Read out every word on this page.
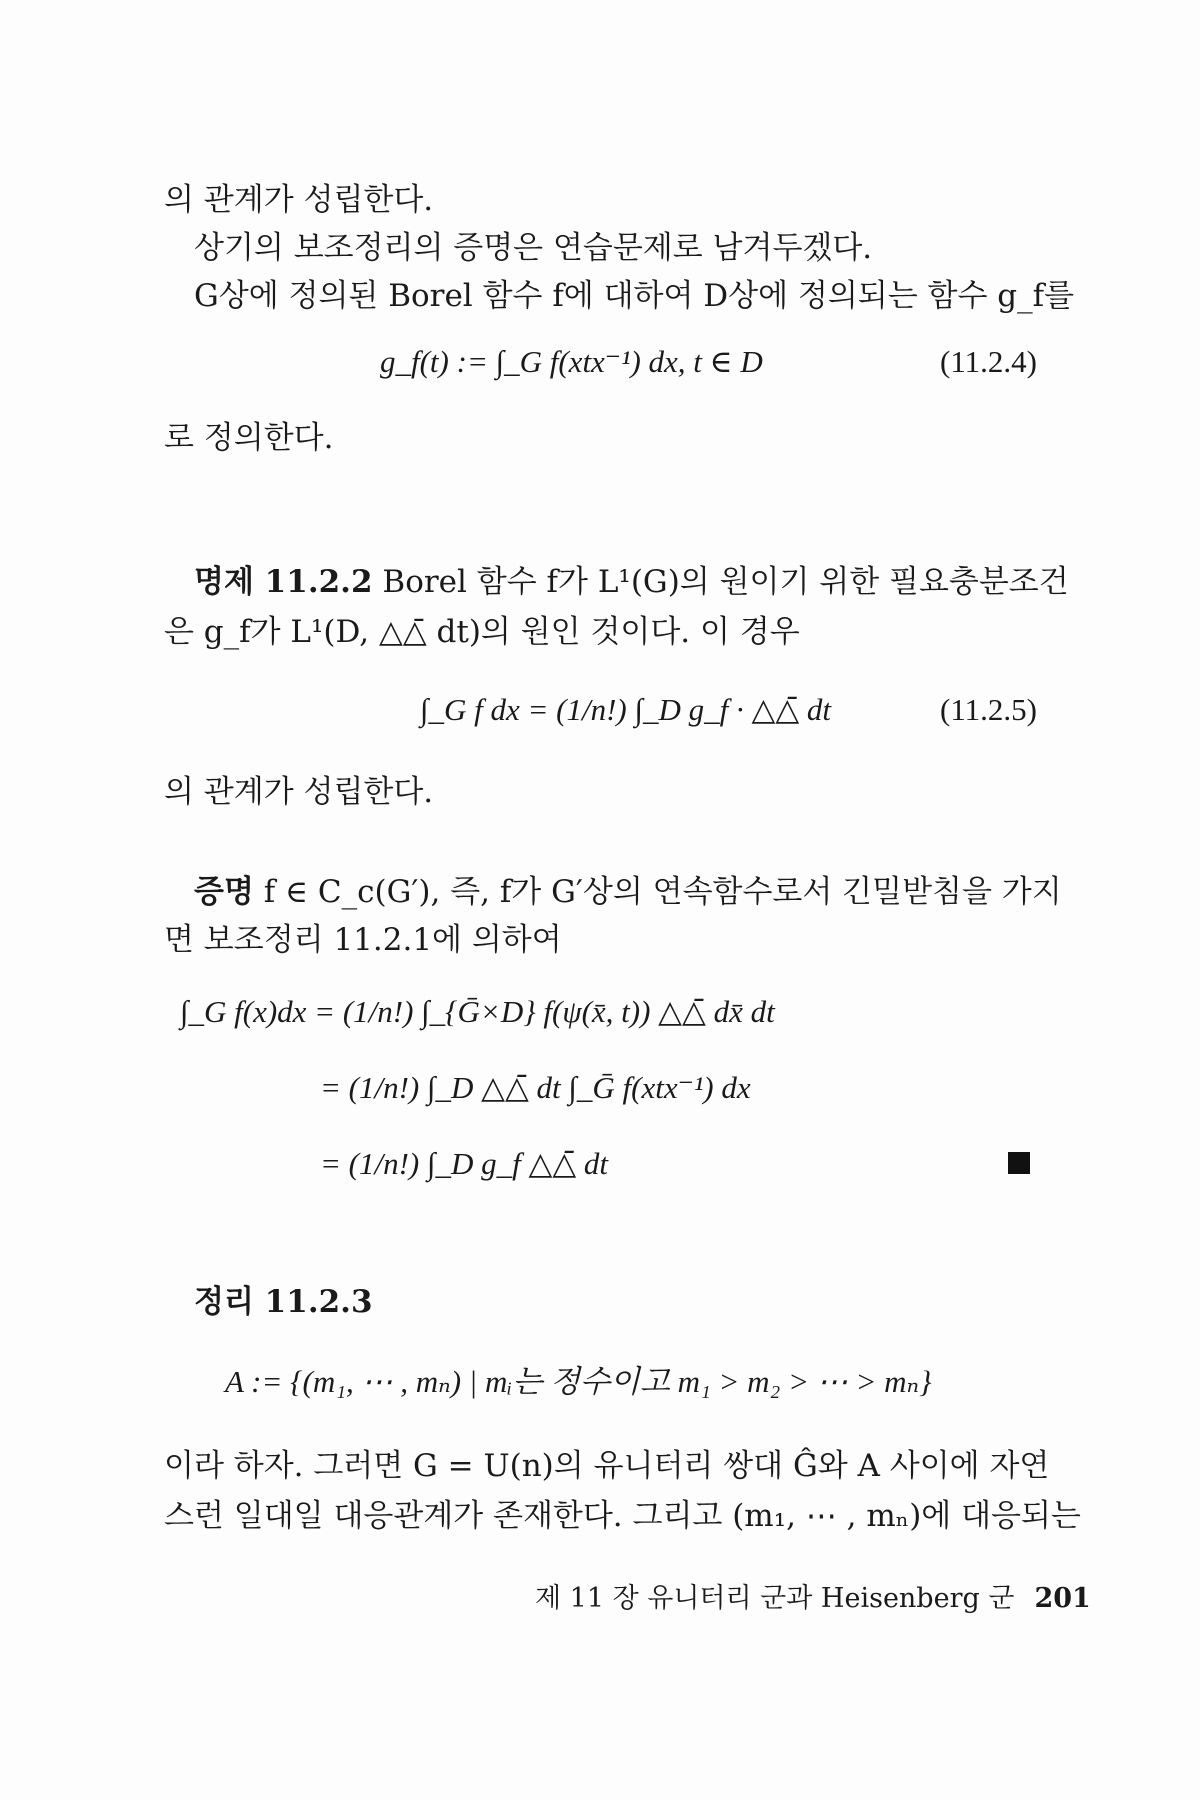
의 관계가 성립한다.
상기의 보조정리의 증명은 연습문제로 남겨두겠다.
G상에 정의된 Borel 함수 f에 대하여 D상에 정의되는 함수 g_f를
g_f(t) := ∫_G f(xtx⁻¹) dx, t ∈ D	(11.2.4)
로 정의한다.
명제 11.2.2 Borel 함수 f가 L¹(G)의 원이기 위한 필요충분조건
은 g_f가 L¹(D, △△̄ dt)의 원인 것이다. 이 경우
∫_G f dx = (1/n!) ∫_D g_f · △△̄ dt	(11.2.5)
의 관계가 성립한다.
증명 f ∈ C_c(G′), 즉, f가 G′상의 연속함수로서 긴밀받침을 가지
면 보조정리 11.2.1에 의하여
∫_G f(x)dx = (1/n!) ∫_{Ḡ×D} f(ψ(x̄, t)) △△̄ dx̄ dt
= (1/n!) ∫_D △△̄ dt ∫_Ḡ f(xtx⁻¹) dx
= (1/n!) ∫_D g_f △△̄ dt
정리 11.2.3
A := {(m₁, ⋯ , mₙ) | mᵢ는 정수이고 m₁ > m₂ > ⋯ > mₙ}
이라 하자. 그러면 G = U(n)의 유니터리 쌍대 Ĝ와 A 사이에 자연
스런 일대일 대응관계가 존재한다. 그리고 (m₁, ⋯ , mₙ)에 대응되는
제 11 장 유니터리 군과 Heisenberg 군 201
